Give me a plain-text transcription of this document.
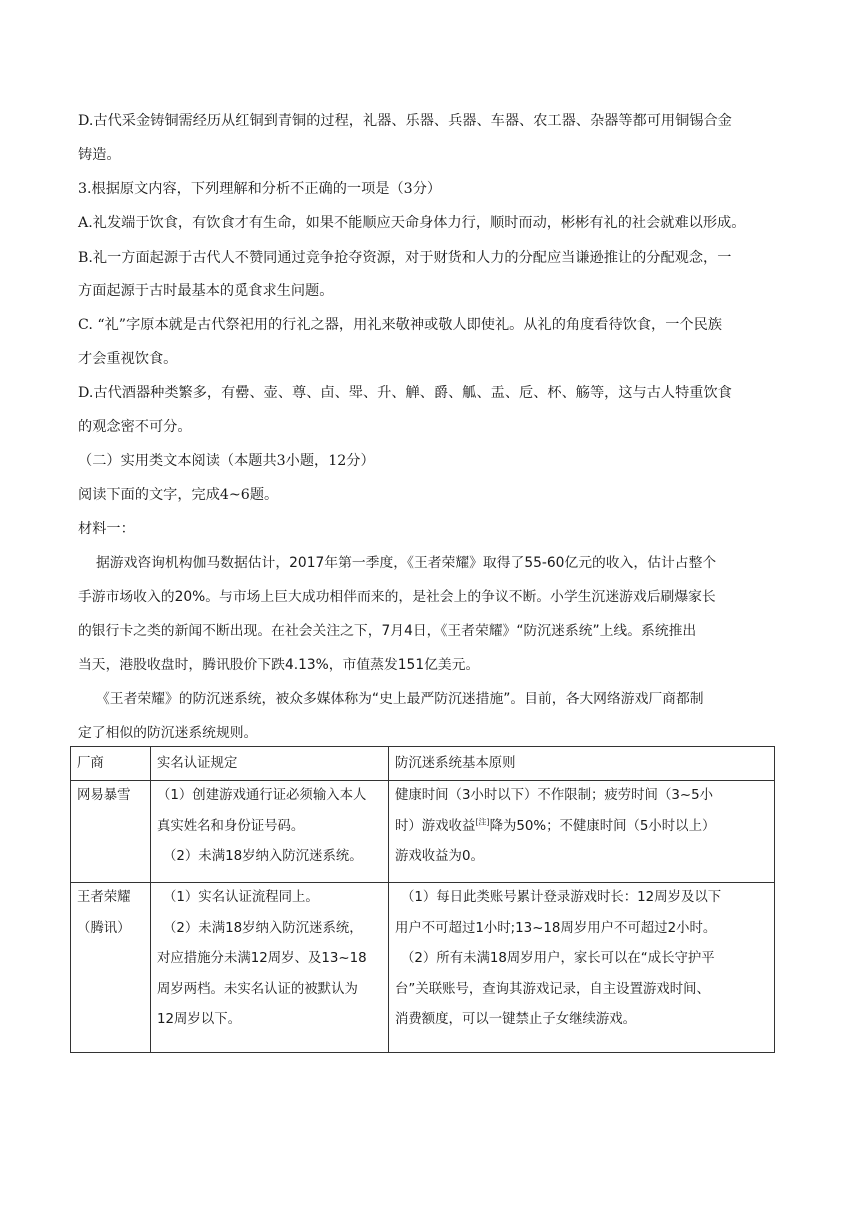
D.古代采金铸铜需经历从红铜到青铜的过程，礼器、乐器、兵器、车器、农工器、杂器等都可用铜锡合金
铸造。
3.根据原文内容，下列理解和分析不正确的一项是（3分）
A.礼发端于饮食，有饮食才有生命，如果不能顺应天命身体力行，顺时而动，彬彬有礼的社会就难以形成。
B.礼一方面起源于古代人不赞同通过竞争抢夺资源，对于财货和人力的分配应当谦逊推让的分配观念，一
方面起源于古时最基本的觅食求生问题。
C. “礼”字原本就是古代祭祀用的行礼之器，用礼来敬神或敬人即使礼。从礼的角度看待饮食，一个民族
才会重视饮食。
D.古代酒器种类繁多，有罍、壶、尊、卣、斝、升、觯、爵、觚、盂、卮、杯、觞等，这与古人特重饮食
的观念密不可分。
（二）实用类文本阅读（本题共3小题，12分）
阅读下面的文字，完成4~6题。
材料一：
据游戏咨询机构伽马数据估计，2017年第一季度，《王者荣耀》取得了55-60亿元的收入，估计占整个
手游市场收入的20%。与市场上巨大成功相伴而来的，是社会上的争议不断。小学生沉迷游戏后刷爆家长
的银行卡之类的新闻不断出现。在社会关注之下，7月4日，《王者荣耀》“防沉迷系统”上线。系统推出
当天，港股收盘时，腾讯股价下跌4.13%，市值蒸发151亿美元。
《王者荣耀》的防沉迷系统，被众多媒体称为“史上最严防沉迷措施”。目前，各大网络游戏厂商都制
定了相似的防沉迷系统规则。
厂商	实名认证规定	防沉迷系统基本原则

网易暴雪	（1）创建游戏通行证必须输入本人
真实姓名和身份证号码。
（2）未满18岁纳入防沉迷系统。	健康时间（3小时以下）不作限制；疲劳时间（3~5小
时）游戏收益[注]降为50%；不健康时间（5小时以上）
游戏收益为0。

王者荣耀
（腾讯）	（1）实名认证流程同上。
（2）未满18岁纳入防沉迷系统，
对应措施分未满12周岁、及13~18
周岁两档。未实名认证的被默认为
12周岁以下。	（1）每日此类账号累计登录游戏时长：12周岁及以下
用户不可超过1小时;13~18周岁用户不可超过2小时。
（2）所有未满18周岁用户，家长可以在“成长守护平
台”关联账号，查询其游戏记录，自主设置游戏时间、
消费额度，可以一键禁止子女继续游戏。
